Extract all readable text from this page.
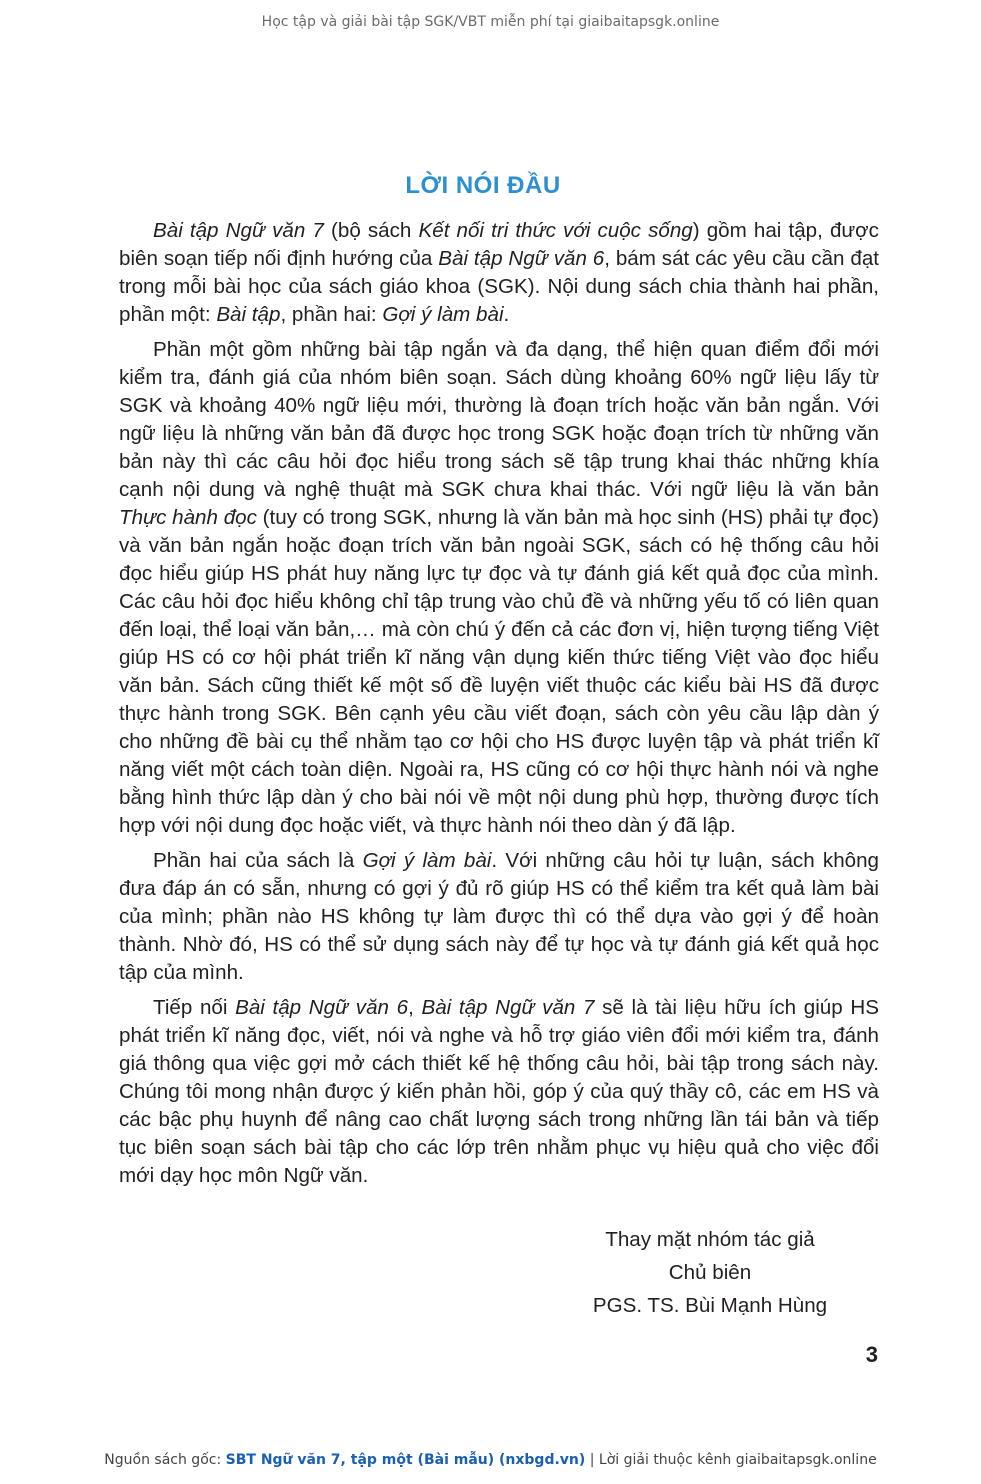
Học tập và giải bài tập SGK/VBT miễn phí tại giaibaitapsgk.online
LỜI NÓI ĐẦU

Bài tập Ngữ văn 7 (bộ sách Kết nối tri thức với cuộc sống) gồm hai tập, được biên soạn tiếp nối định hướng của Bài tập Ngữ văn 6, bám sát các yêu cầu cần đạt trong mỗi bài học của sách giáo khoa (SGK). Nội dung sách chia thành hai phần, phần một: Bài tập, phần hai: Gợi ý làm bài.

Phần một gồm những bài tập ngắn và đa dạng, thể hiện quan điểm đổi mới kiểm tra, đánh giá của nhóm biên soạn. Sách dùng khoảng 60% ngữ liệu lấy từ SGK và khoảng 40% ngữ liệu mới, thường là đoạn trích hoặc văn bản ngắn. Với ngữ liệu là những văn bản đã được học trong SGK hoặc đoạn trích từ những văn bản này thì các câu hỏi đọc hiểu trong sách sẽ tập trung khai thác những khía cạnh nội dung và nghệ thuật mà SGK chưa khai thác. Với ngữ liệu là văn bản Thực hành đọc (tuy có trong SGK, nhưng là văn bản mà học sinh (HS) phải tự đọc) và văn bản ngắn hoặc đoạn trích văn bản ngoài SGK, sách có hệ thống câu hỏi đọc hiểu giúp HS phát huy năng lực tự đọc và tự đánh giá kết quả đọc của mình. Các câu hỏi đọc hiểu không chỉ tập trung vào chủ đề và những yếu tố có liên quan đến loại, thể loại văn bản,… mà còn chú ý đến cả các đơn vị, hiện tượng tiếng Việt giúp HS có cơ hội phát triển kĩ năng vận dụng kiến thức tiếng Việt vào đọc hiểu văn bản. Sách cũng thiết kế một số đề luyện viết thuộc các kiểu bài HS đã được thực hành trong SGK. Bên cạnh yêu cầu viết đoạn, sách còn yêu cầu lập dàn ý cho những đề bài cụ thể nhằm tạo cơ hội cho HS được luyện tập và phát triển kĩ năng viết một cách toàn diện. Ngoài ra, HS cũng có cơ hội thực hành nói và nghe bằng hình thức lập dàn ý cho bài nói về một nội dung phù hợp, thường được tích hợp với nội dung đọc hoặc viết, và thực hành nói theo dàn ý đã lập.

Phần hai của sách là Gợi ý làm bài. Với những câu hỏi tự luận, sách không đưa đáp án có sẵn, nhưng có gợi ý đủ rõ giúp HS có thể kiểm tra kết quả làm bài của mình; phần nào HS không tự làm được thì có thể dựa vào gợi ý để hoàn thành. Nhờ đó, HS có thể sử dụng sách này để tự học và tự đánh giá kết quả học tập của mình.

Tiếp nối Bài tập Ngữ văn 6, Bài tập Ngữ văn 7 sẽ là tài liệu hữu ích giúp HS phát triển kĩ năng đọc, viết, nói và nghe và hỗ trợ giáo viên đổi mới kiểm tra, đánh giá thông qua việc gợi mở cách thiết kế hệ thống câu hỏi, bài tập trong sách này. Chúng tôi mong nhận được ý kiến phản hồi, góp ý của quý thầy cô, các em HS và các bậc phụ huynh để nâng cao chất lượng sách trong những lần tái bản và tiếp tục biên soạn sách bài tập cho các lớp trên nhằm phục vụ hiệu quả cho việc đổi mới dạy học môn Ngữ văn.

Thay mặt nhóm tác giả
Chủ biên
PGS. TS. Bùi Mạnh Hùng
3
Nguồn sách gốc: SBT Ngữ văn 7, tập một (Bài mẫu) (nxbgd.vn) | Lời giải thuộc kênh giaibaitapsgk.online
